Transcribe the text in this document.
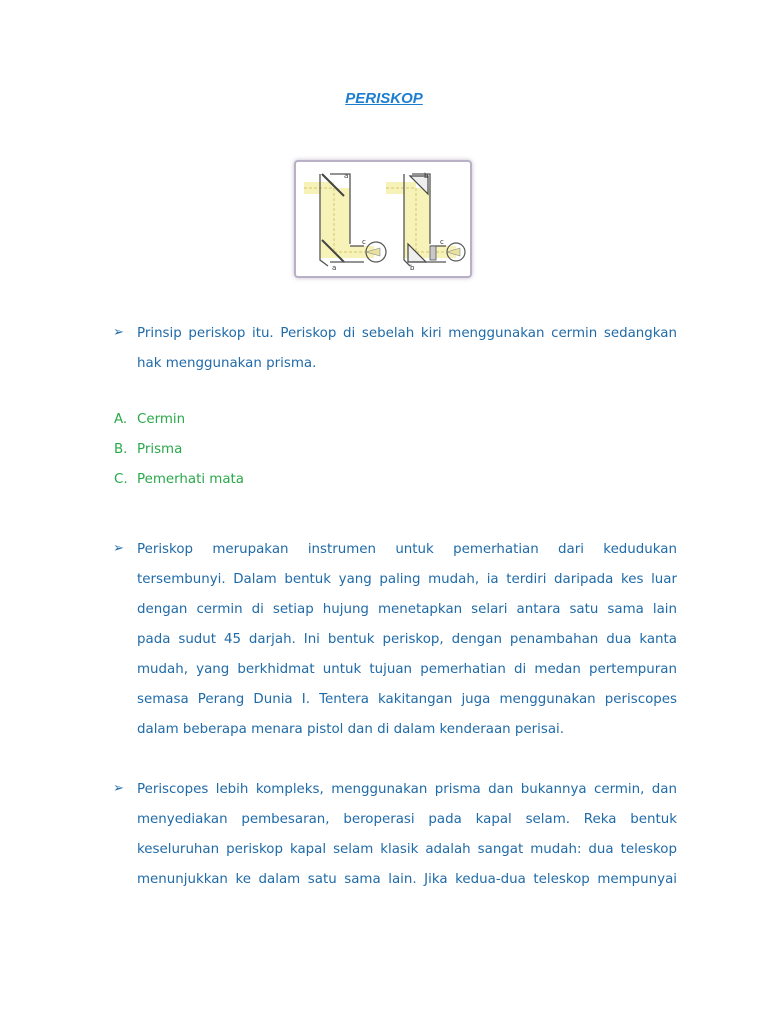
PERISKOP
a
a
c
b
b
c
➢ Prinsip periskop itu. Periskop di sebelah kiri menggunakan cermin sedangkan
hak menggunakan prisma.
A. Cermin
B. Prisma
C. Pemerhati mata
➢ Periskop merupakan instrumen untuk pemerhatian dari kedudukan
tersembunyi. Dalam bentuk yang paling mudah, ia terdiri daripada kes luar
dengan cermin di setiap hujung menetapkan selari antara satu sama lain
pada sudut 45 darjah. Ini bentuk periskop, dengan penambahan dua kanta
mudah, yang berkhidmat untuk tujuan pemerhatian di medan pertempuran
semasa Perang Dunia I. Tentera kakitangan juga menggunakan periscopes
dalam beberapa menara pistol dan di dalam kenderaan perisai.
➢ Periscopes lebih kompleks, menggunakan prisma dan bukannya cermin, dan
menyediakan pembesaran, beroperasi pada kapal selam. Reka bentuk
keseluruhan periskop kapal selam klasik adalah sangat mudah: dua teleskop
menunjukkan ke dalam satu sama lain. Jika kedua-dua teleskop mempunyai
